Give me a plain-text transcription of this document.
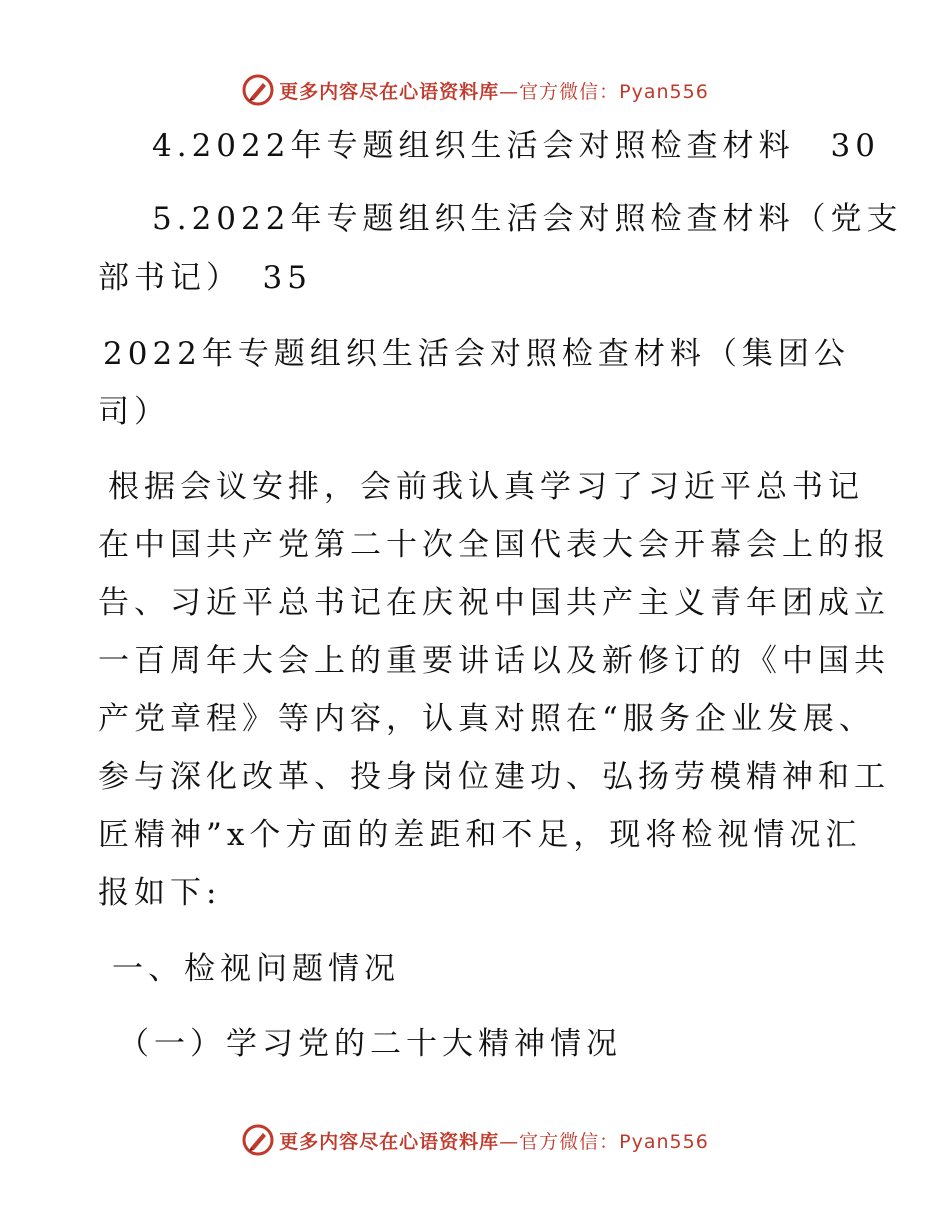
更多内容尽在心语资料库 —官方微信：Pyan556
4.2022年专题组织生活会对照检查材料　30
5.2022年专题组织生活会对照检查材料（党支
部书记）　35
2022年专题组织生活会对照检查材料（集团公
司）
根据会议安排，会前我认真学习了习近平总书记
在中国共产党第二十次全国代表大会开幕会上的报
告、习近平总书记在庆祝中国共产主义青年团成立
一百周年大会上的重要讲话以及新修订的《中国共
产党章程》等内容，认真对照在“服务企业发展、
参与深化改革、投身岗位建功、弘扬劳模精神和工
匠精神”x个方面的差距和不足，现将检视情况汇
报如下:
一、检视问题情况
（一）学习党的二十大精神情况
更多内容尽在心语资料库 —官方微信：Pyan556
